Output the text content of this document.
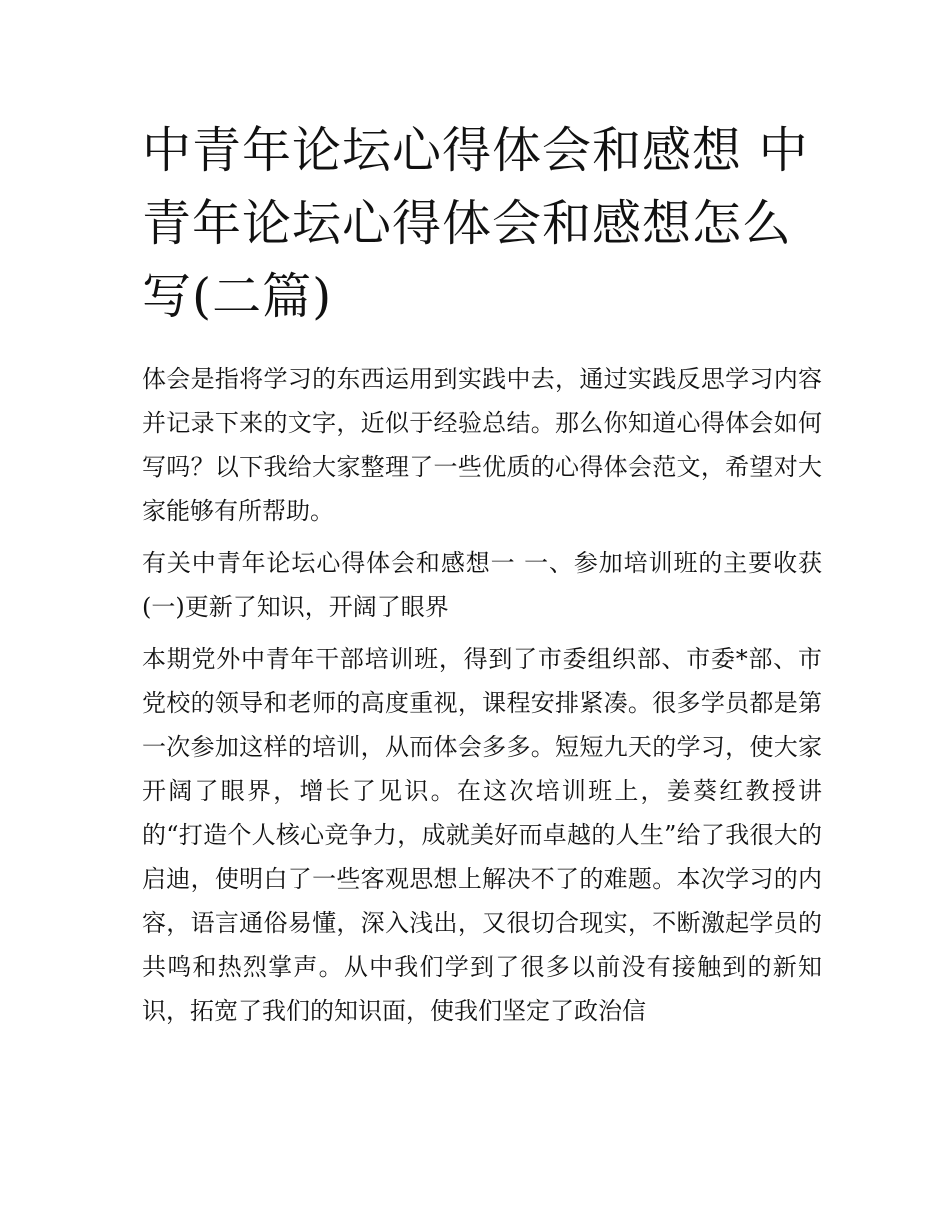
中青年论坛心得体会和感想 中青年论坛心得体会和感想怎么写(二篇)

体会是指将学习的东西运用到实践中去，通过实践反思学习内容并记录下来的文字，近似于经验总结。那么你知道心得体会如何写吗？以下我给大家整理了一些优质的心得体会范文，希望对大家能够有所帮助。

有关中青年论坛心得体会和感想一 一、参加培训班的主要收获 (一)更新了知识，开阔了眼界

本期党外中青年干部培训班，得到了市委组织部、市委*部、市党校的领导和老师的高度重视，课程安排紧凑。很多学员都是第一次参加这样的培训，从而体会多多。短短九天的学习，使大家开阔了眼界，增长了见识。在这次培训班上，姜葵红教授讲的“打造个人核心竞争力，成就美好而卓越的人生”给了我很大的启迪，使明白了一些客观思想上解决不了的难题。本次学习的内容，语言通俗易懂，深入浅出，又很切合现实，不断激起学员的共鸣和热烈掌声。从中我们学到了很多以前没有接触到的新知识，拓宽了我们的知识面，使我们坚定了政治信
